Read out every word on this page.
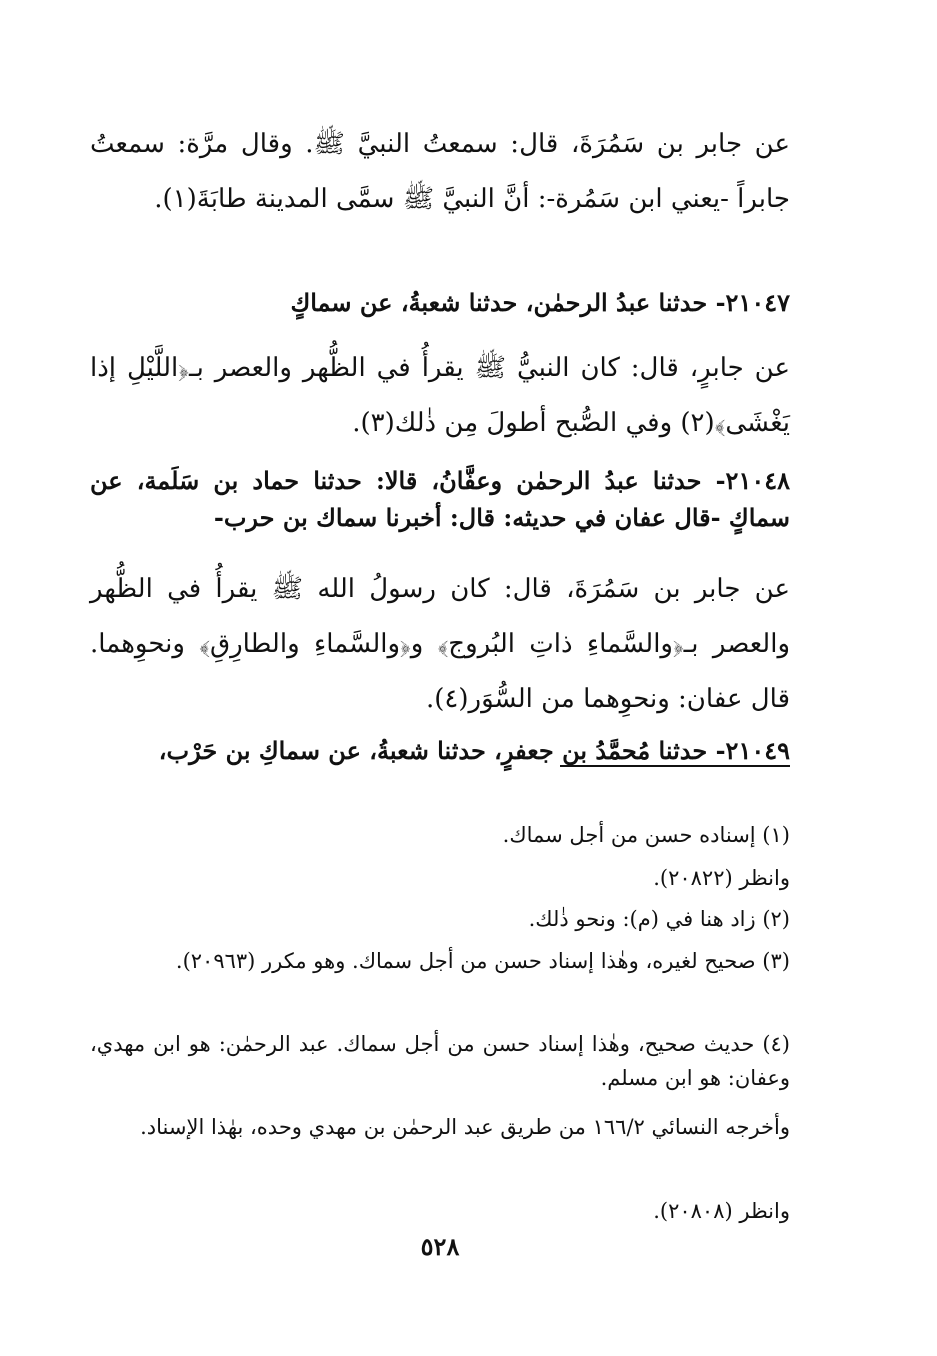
عن جابر بن سَمُرَةَ، قال: سمعتُ النبيَّ ﷺ. وقال مرَّة: سمعتُ جابراً -يعني ابن سَمُرة-: أنَّ النبيَّ ﷺ سمَّى المدينة طابَةَ(١).

٢١٠٤٧- حدثنا عبدُ الرحمٰن، حدثنا شعبةُ، عن سماكٍ

عن جابرٍ، قال: كان النبيُّ ﷺ يقرأُ في الظُّهر والعصر بـ﴿اللَّيْلِ إذا يَغْشَى﴾(٢) وفي الصُّبح أطولَ مِن ذٰلك(٣).

٢١٠٤٨- حدثنا عبدُ الرحمٰن وعفَّانُ، قالا: حدثنا حماد بن سَلَمة، عن سماكٍ -قال عفان في حديثه: قال: أخبرنا سماك بن حرب-

عن جابر بن سَمُرَةَ، قال: كان رسولُ الله ﷺ يقرأُ في الظُّهر والعصر بـ﴿والسَّماءِ ذاتِ البُروج﴾ و﴿والسَّماءِ والطارِقِ﴾ ونحوِهما. قال عفان: ونحوِهما من السُّوَر(٤).

٢١٠٤٩- حدثنا مُحمَّدُ بن جعفرٍ، حدثنا شعبةُ، عن سماكِ بن حَرْب،

(١) إسناده حسن من أجل سماك.

وانظر (٢٠٨٢٢).

(٢) زاد هنا في (م): ونحو ذٰلك.

(٣) صحيح لغيره، وهٰذا إسناد حسن من أجل سماك. وهو مكرر (٢٠٩٦٣).

(٤) حديث صحيح، وهٰذا إسناد حسن من أجل سماك. عبد الرحمٰن: هو ابن مهدي، وعفان: هو ابن مسلم.

وأخرجه النسائي ١٦٦/٢ من طريق عبد الرحمٰن بن مهدي وحده، بهٰذا الإسناد.

وانظر (٢٠٨٠٨).

٥٢٨
